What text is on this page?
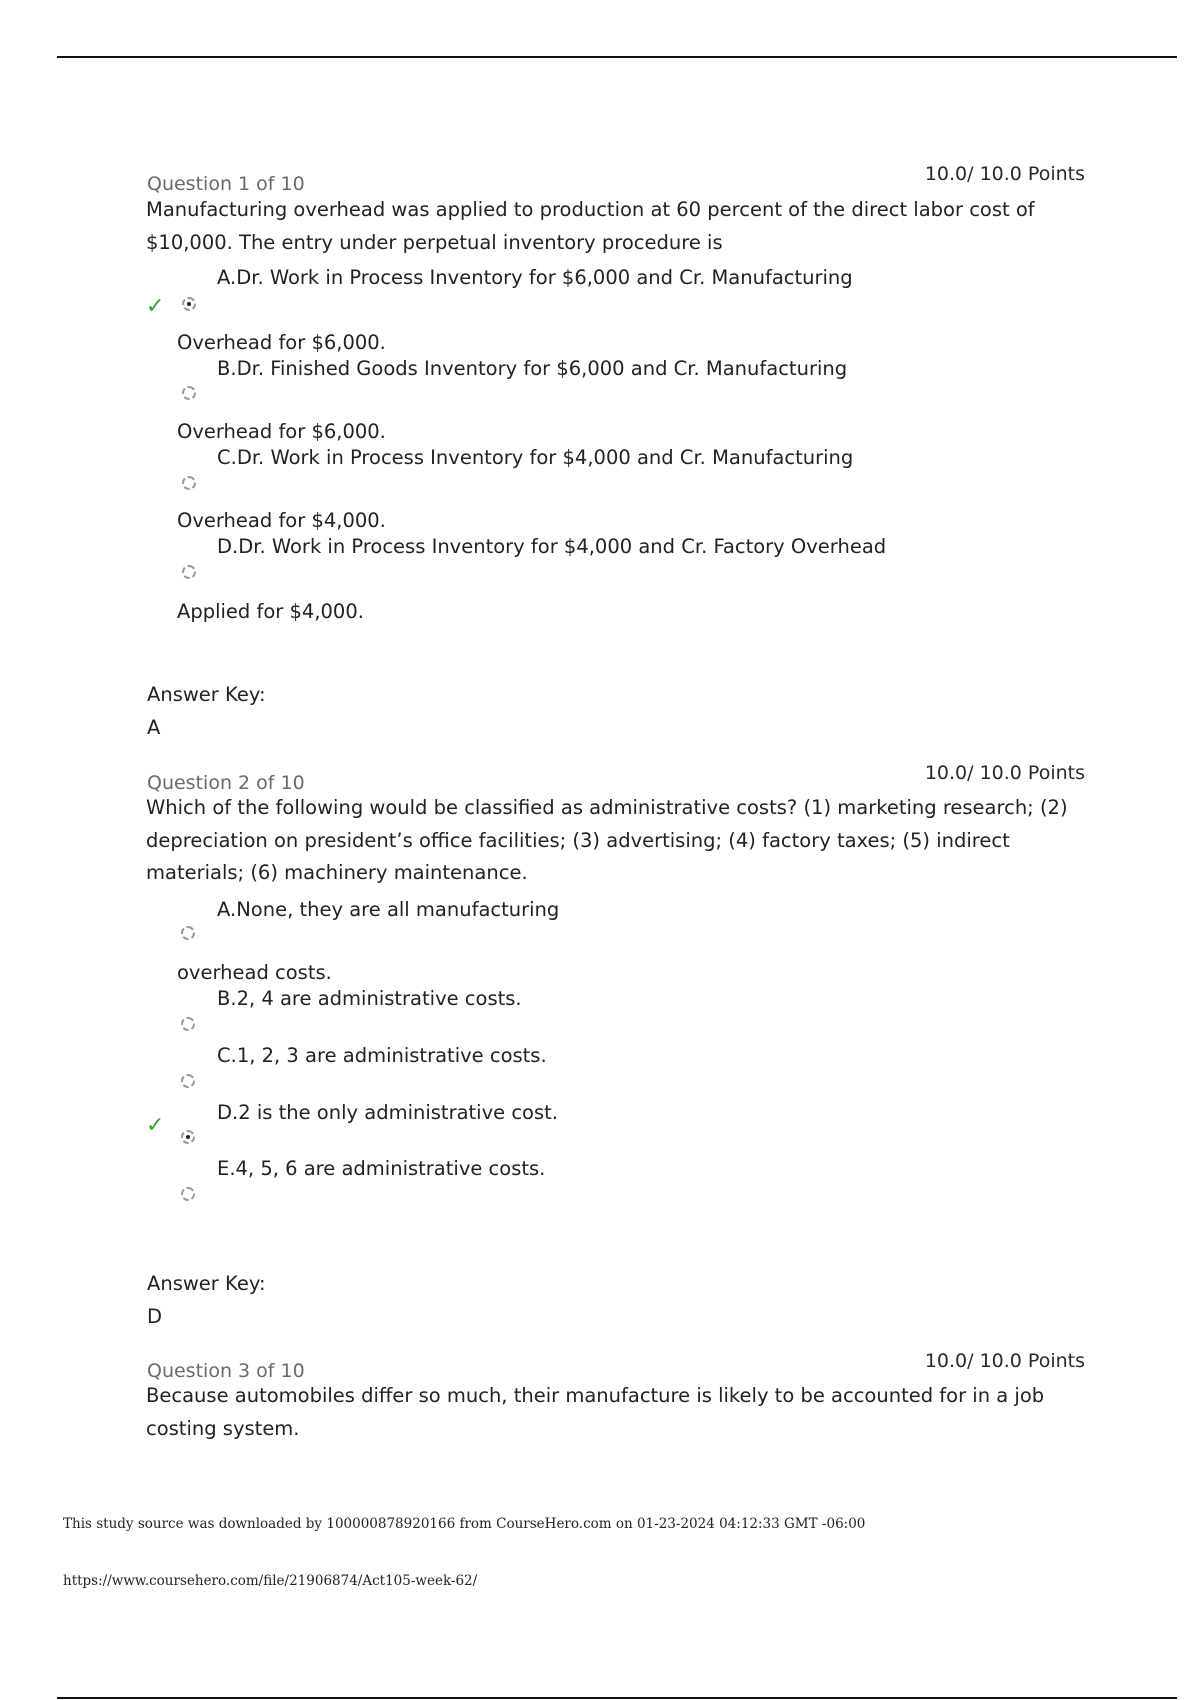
Question 1 of 10	10.0/ 10.0 Points
Manufacturing overhead was applied to production at 60 percent of the direct labor cost of $10,000. The entry under perpetual inventory procedure is
A.Dr. Work in Process Inventory for $6,000 and Cr. Manufacturing
✓
Overhead for $6,000.
B.Dr. Finished Goods Inventory for $6,000 and Cr. Manufacturing
Overhead for $6,000.
C.Dr. Work in Process Inventory for $4,000 and Cr. Manufacturing
Overhead for $4,000.
D.Dr. Work in Process Inventory for $4,000 and Cr. Factory Overhead
Applied for $4,000.
Answer Key:
A
Question 2 of 10	10.0/ 10.0 Points
Which of the following would be classified as administrative costs? (1) marketing research; (2) depreciation on president’s office facilities; (3) advertising; (4) factory taxes; (5) indirect materials; (6) machinery maintenance.
A.None, they are all manufacturing
overhead costs.
B.2, 4 are administrative costs.
C.1, 2, 3 are administrative costs.
D.2 is the only administrative cost.
✓
E.4, 5, 6 are administrative costs.
Answer Key:
D
Question 3 of 10	10.0/ 10.0 Points
Because automobiles differ so much, their manufacture is likely to be accounted for in a job costing system.
This study source was downloaded by 100000878920166 from CourseHero.com on 01-23-2024 04:12:33 GMT -06:00
https://www.coursehero.com/file/21906874/Act105-week-62/
